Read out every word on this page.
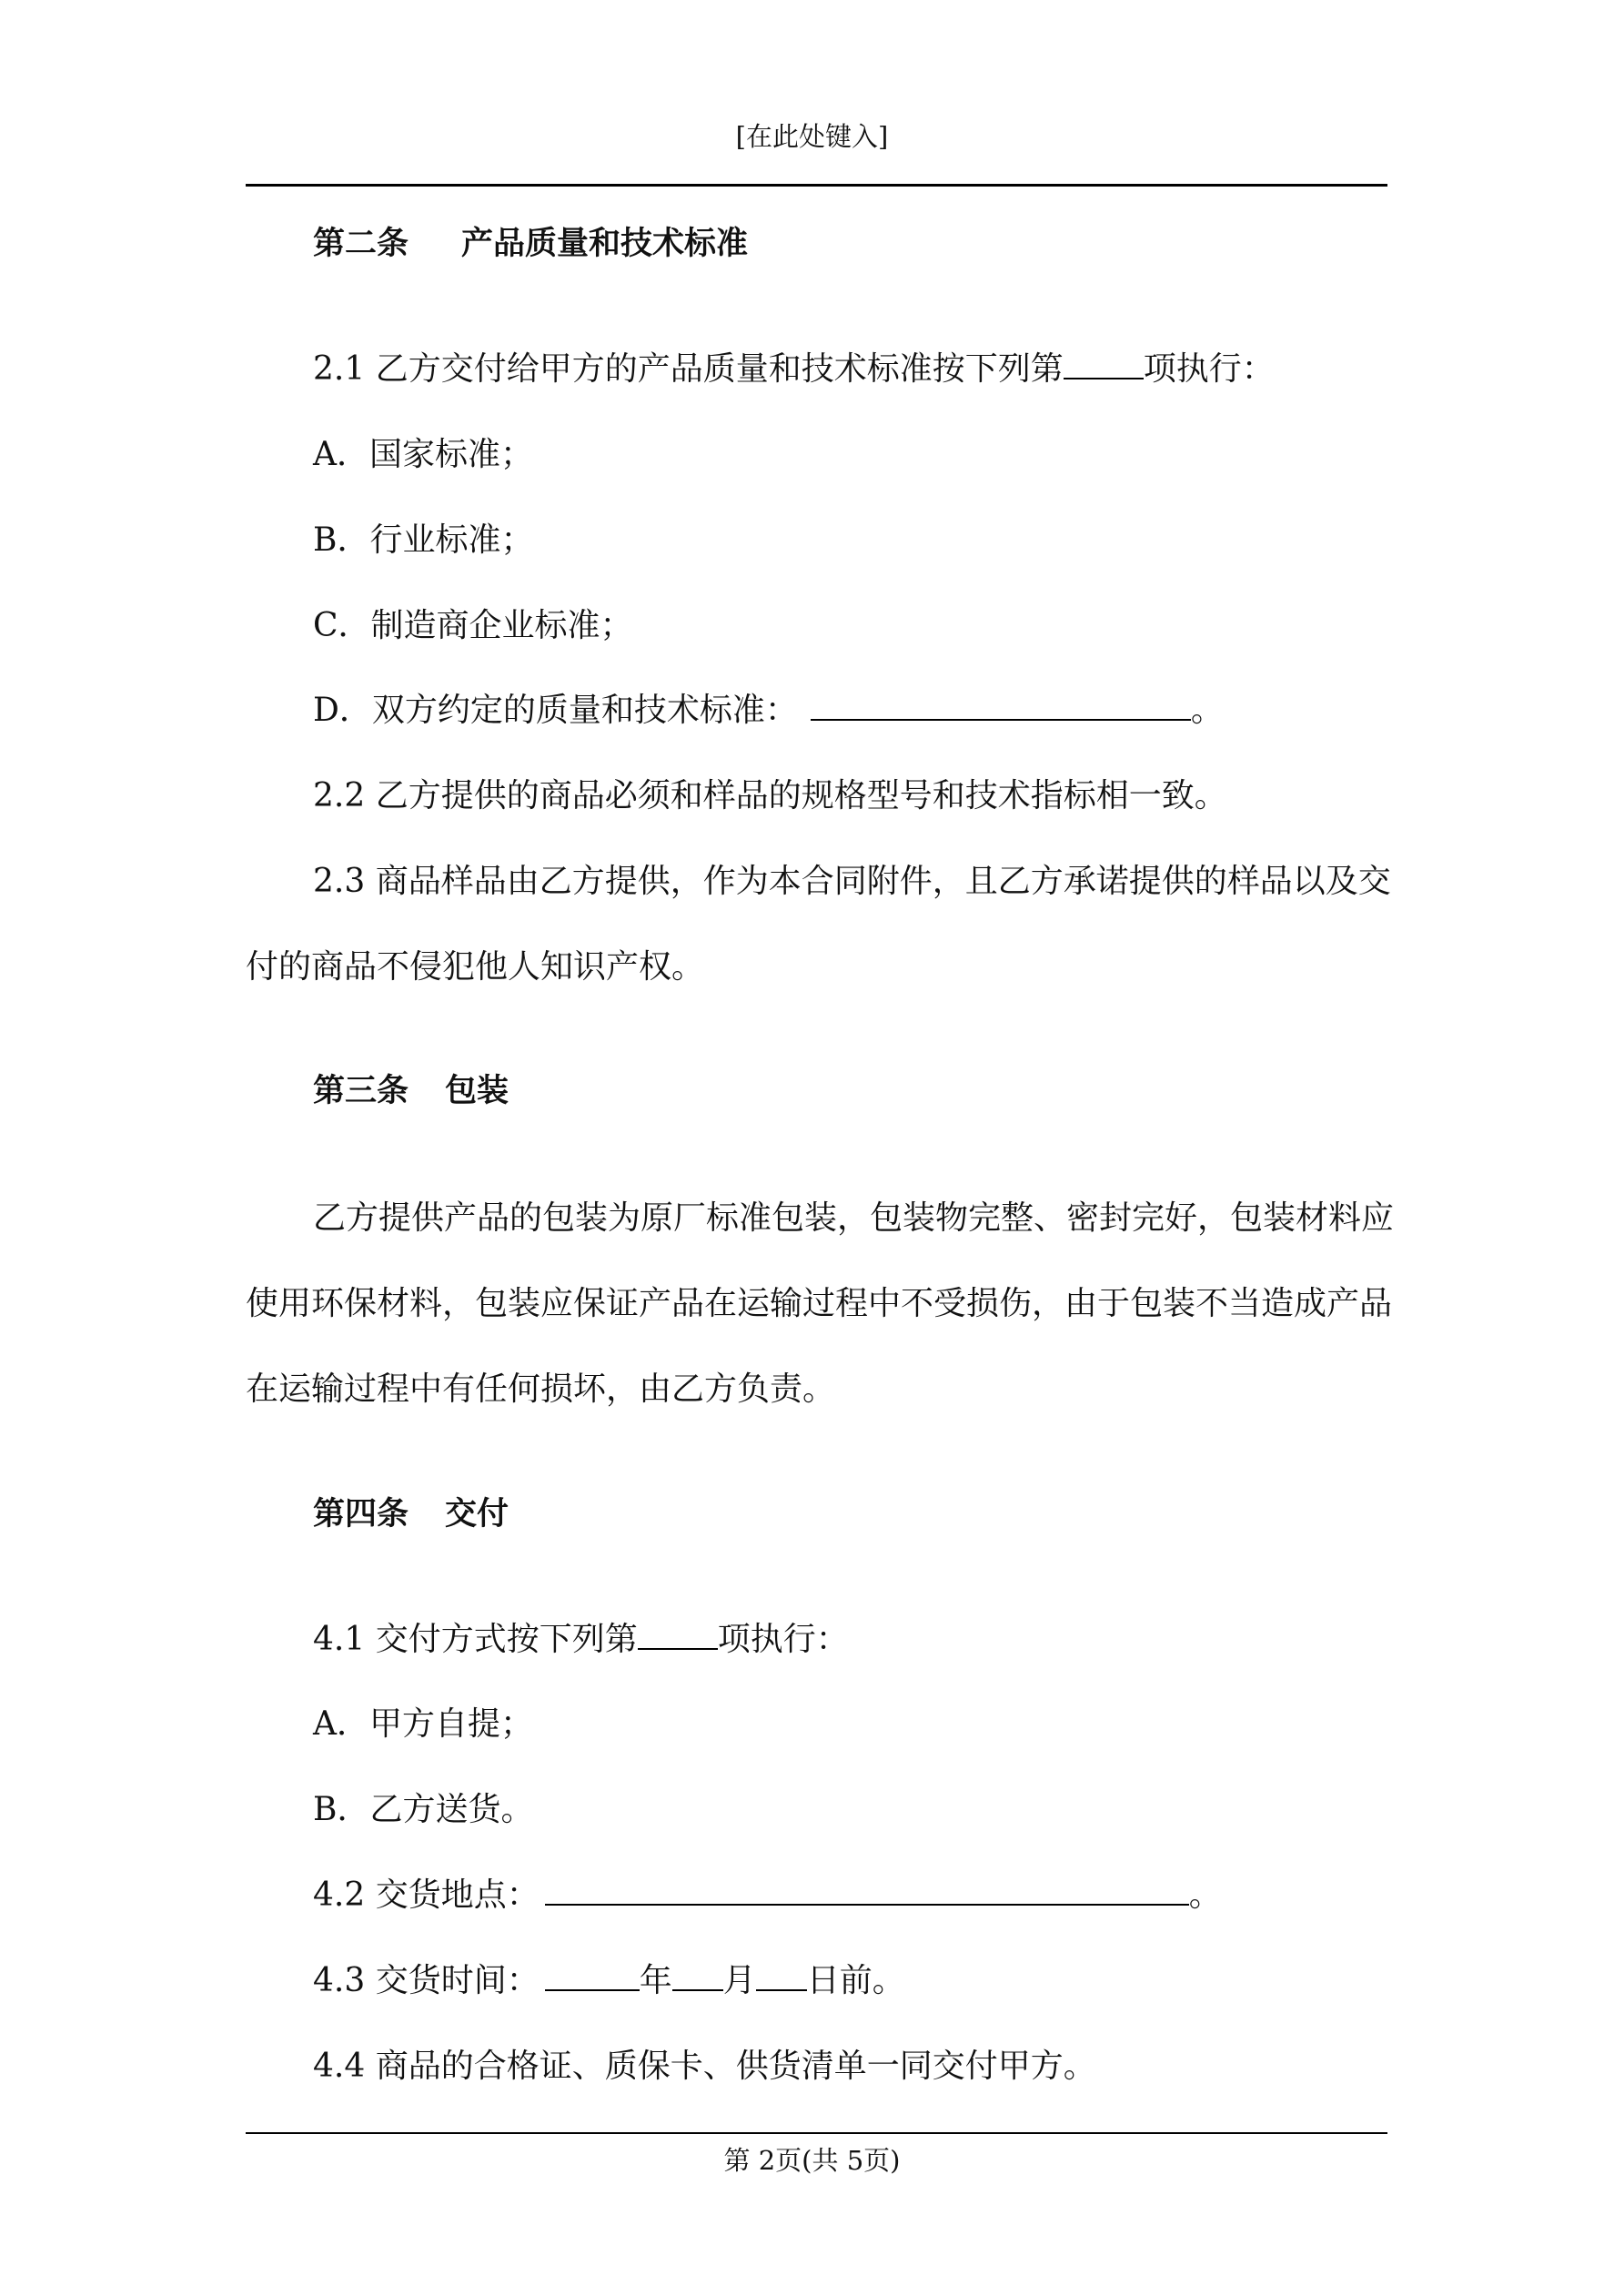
[在此处键入]
第二条 产品质量和技术标准
2.1 乙方交付给甲方的产品质量和技术标准按下列第 项执行：
A．国家标准；
B．行业标准；
C．制造商企业标准；
D．双方约定的质量和技术标准：	。
2.2 乙方提供的商品必须和样品的规格型号和技术指标相一致。
2.3 商品样品由乙方提供，作为本合同附件，且乙方承诺提供的样品以及交
付的商品不侵犯他人知识产权。
第三条 包装
乙方提供产品的包装为原厂标准包装，包装物完整、密封完好，包装材料应
使用环保材料，包装应保证产品在运输过程中不受损伤，由于包装不当造成产品
在运输过程中有任何损坏，由乙方负责。
第四条 交付
4.1 交付方式按下列第 项执行：
A．甲方自提；
B．乙方送货。
4.2 交货地点：	。
4.3 交货时间：	年 月 日前。
4.4 商品的合格证、质保卡、供货清单一同交付甲方。
第 2页(共 5页)
